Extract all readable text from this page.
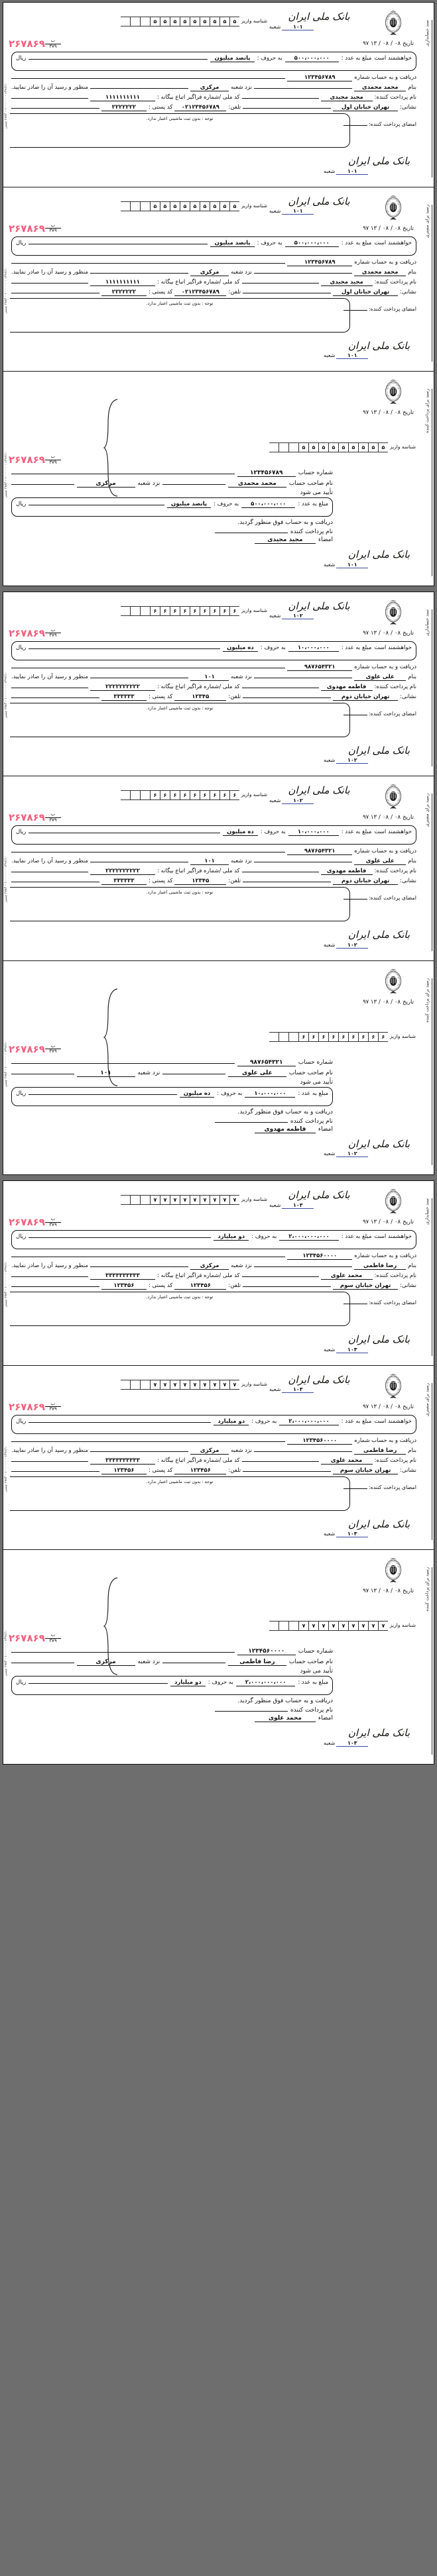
سند حسابداری
۱۳۹۶/۱۰ - ۱۰۰۰۰۰۰ - ۶۷۸۴ چمنی
بانک ملی ایران
۱۰۱
شعبه
شناسه واریز
۵
۵
۵
۵
۵
۵
۵
۵
۵
تاریخ
۰۸
/
۰۸
/
۱۳ ۹۷
$\frac{\text{ب}}{۳۷۹}$
۲۶۷۸۶۹
خواهشمند است
مبلغ به عدد :
۵۰۰،۰۰۰،۰۰۰
به حروف :
پانصد میلیون
ریال
دریافت و به حساب شماره
۱۲۳۴۵۶۷۸۹
بنام
محمد محمدی
نزد شعبه
مرکزی
منظور و رسید آن را صادر نمایید.
نام پرداخت کننده:
مجید مجیدی
کد ملی /شماره فراگیر اتباع بیگانه :
۱۱۱۱۱۱۱۱۱۱
نشانی:
تهران خیابان اول
تلفن:
۰۲۱۲۳۴۵۶۷۸۹
کد پستی :
۲۲۲۲۲۲۲
توجه : بدون ثبت ماشینی اعتبار ندارد.
امضای پرداخت کننده:
بانک ملی ایران
۱۰۱
شعبه
رسید برای مشتری
۱۳۹۶/۱۰ - ۱۰۰۰۰۰۰ - ۶۷۸۴ چمنی
بانک ملی ایران
۱۰۱
شعبه
شناسه واریز
۵
۵
۵
۵
۵
۵
۵
۵
۵
تاریخ
۰۸
/
۰۸
/
۱۳ ۹۷
$\frac{\text{ب}}{۳۷۹}$
۲۶۷۸۶۹
خواهشمند است
مبلغ به عدد :
۵۰۰،۰۰۰،۰۰۰
به حروف :
پانصد میلیون
ریال
دریافت و به حساب شماره
۱۲۳۴۵۶۷۸۹
بنام
محمد محمدی
نزد شعبه
مرکزی
منظور و رسید آن را صادر نمایید.
نام پرداخت کننده:
مجید مجیدی
کد ملی /شماره فراگیر اتباع بیگانه :
۱۱۱۱۱۱۱۱۱۱
نشانی:
تهران خیابان اول
تلفن:
۰۲۱۲۳۴۵۶۷۸۹
کد پستی :
۲۲۲۲۲۲۲
توجه : بدون ثبت ماشینی اعتبار ندارد.
امضای پرداخت کننده:
بانک ملی ایران
۱۰۱
شعبه
رسید برای پرداخت کننده
۱۳۹۶/۱۰ - ۱۰۰۰۰۰۰ - ۶۷۸۴ چمنی
تاریخ
۰۸
/
۰۸
/
۱۳ ۹۷
شناسه واریز
۵
۵
۵
۵
۵
۵
۵
۵
۵
$\frac{\text{ب}}{۳۷۹}$
۲۶۷۸۶۹
شماره حساب
۱۲۳۴۵۶۷۸۹
نام صاحب حساب
محمد محمدی
نزد شعبه
مرکزی
تأیید می شود
مبلغ به عدد :
۵۰۰،۰۰۰،۰۰۰
به حروف :
پانصد میلیون
ریال
دریافت و به حساب فوق منظور گردید.
نام پرداخت کننده
امضاء
مجید مجیدی
بانک ملی ایران
۱۰۱
شعبه
سند حسابداری
۱۳۹۶/۱۰ - ۱۰۰۰۰۰۰ - ۶۷۸۴ چمنی
بانک ملی ایران
۱۰۲
شعبه
شناسه واریز
۶
۶
۶
۶
۶
۶
۶
۶
۶
تاریخ
۰۸
/
۰۸
/
۱۳ ۹۷
$\frac{\text{ب}}{۳۷۹}$
۲۶۷۸۶۹
خواهشمند است
مبلغ به عدد :
۱۰،۰۰۰،۰۰۰
به حروف :
ده میلیون
ریال
دریافت و به حساب شماره
۹۸۷۶۵۴۳۲۱
بنام
علی علوی
نزد شعبه
۱۰۱
منظور و رسید آن را صادر نمایید.
نام پرداخت کننده:
فاطمه مهدوی
کد ملی /شماره فراگیر اتباع بیگانه :
۲۲۲۲۲۲۲۲۲۲
نشانی:
تهران خیابان دوم
تلفن:
۱۲۳۴۵
کد پستی :
۳۳۳۳۳۳
توجه : بدون ثبت ماشینی اعتبار ندارد.
امضای پرداخت کننده:
بانک ملی ایران
۱۰۲
شعبه
رسید برای مشتری
۱۳۹۶/۱۰ - ۱۰۰۰۰۰۰ - ۶۷۸۴ چمنی
بانک ملی ایران
۱۰۲
شعبه
شناسه واریز
۶
۶
۶
۶
۶
۶
۶
۶
۶
تاریخ
۰۸
/
۰۸
/
۱۳ ۹۷
$\frac{\text{ب}}{۳۷۹}$
۲۶۷۸۶۹
خواهشمند است
مبلغ به عدد :
۱۰،۰۰۰،۰۰۰
به حروف :
ده میلیون
ریال
دریافت و به حساب شماره
۹۸۷۶۵۴۳۲۱
بنام
علی علوی
نزد شعبه
۱۰۱
منظور و رسید آن را صادر نمایید.
نام پرداخت کننده:
فاطمه مهدوی
کد ملی /شماره فراگیر اتباع بیگانه :
۲۲۲۲۲۲۲۲۲۲
نشانی:
تهران خیابان دوم
تلفن:
۱۲۳۴۵
کد پستی :
۳۳۳۳۳۳
توجه : بدون ثبت ماشینی اعتبار ندارد.
امضای پرداخت کننده:
بانک ملی ایران
۱۰۲
شعبه
رسید برای پرداخت کننده
۱۳۹۶/۱۰ - ۱۰۰۰۰۰۰ - ۶۷۸۴ چمنی
تاریخ
۰۸
/
۰۸
/
۱۳ ۹۷
شناسه واریز
۶
۶
۶
۶
۶
۶
۶
۶
۶
$\frac{\text{ب}}{۳۷۹}$
۲۶۷۸۶۹
شماره حساب
۹۸۷۶۵۴۳۲۱
نام صاحب حساب
علی علوی
نزد شعبه
۱۰۱
تأیید می شود
مبلغ به عدد :
۱۰،۰۰۰،۰۰۰
به حروف :
ده میلیون
ریال
دریافت و به حساب فوق منظور گردید.
نام پرداخت کننده
امضاء
فاطمه مهدوی
بانک ملی ایران
۱۰۲
شعبه
سند حسابداری
۱۳۹۶/۱۰ - ۱۰۰۰۰۰۰ - ۶۷۸۴ چمنی
بانک ملی ایران
۱۰۳
شعبه
شناسه واریز
۷
۷
۷
۷
۷
۷
۷
۷
۷
تاریخ
۰۸
/
۰۸
/
۱۳ ۹۷
$\frac{\text{ب}}{۳۷۹}$
۲۶۷۸۶۹
خواهشمند است
مبلغ به عدد :
۲،۰۰۰،۰۰۰،۰۰۰
به حروف :
دو میلیارد
ریال
دریافت و به حساب شماره
۱۲۳۴۵۶۰۰۰۰
بنام
رضا فاطمی
نزد شعبه
مرکزی
منظور و رسید آن را صادر نمایید.
نام پرداخت کننده:
محمد علوی
کد ملی /شماره فراگیر اتباع بیگانه :
۳۳۳۳۳۳۳۳۳۳
نشانی:
تهران خیابان سوم
تلفن:
۱۲۳۴۵۶
کد پستی :
۱۲۳۴۵۶
توجه : بدون ثبت ماشینی اعتبار ندارد.
امضای پرداخت کننده:
بانک ملی ایران
۱۰۳
شعبه
رسید برای مشتری
۱۳۹۶/۱۰ - ۱۰۰۰۰۰۰ - ۶۷۸۴ چمنی
بانک ملی ایران
۱۰۳
شعبه
شناسه واریز
۷
۷
۷
۷
۷
۷
۷
۷
۷
تاریخ
۰۸
/
۰۸
/
۱۳ ۹۷
$\frac{\text{ب}}{۳۷۹}$
۲۶۷۸۶۹
خواهشمند است
مبلغ به عدد :
۲،۰۰۰،۰۰۰،۰۰۰
به حروف :
دو میلیارد
ریال
دریافت و به حساب شماره
۱۲۳۴۵۶۰۰۰۰
بنام
رضا فاطمی
نزد شعبه
مرکزی
منظور و رسید آن را صادر نمایید.
نام پرداخت کننده:
محمد علوی
کد ملی /شماره فراگیر اتباع بیگانه :
۳۳۳۳۳۳۳۳۳۳
نشانی:
تهران خیابان سوم
تلفن:
۱۲۳۴۵۶
کد پستی :
۱۲۳۴۵۶
توجه : بدون ثبت ماشینی اعتبار ندارد.
امضای پرداخت کننده:
بانک ملی ایران
۱۰۳
شعبه
رسید برای پرداخت کننده
۱۳۹۶/۱۰ - ۱۰۰۰۰۰۰ - ۶۷۸۴ چمنی
تاریخ
۰۸
/
۰۸
/
۱۳ ۹۷
شناسه واریز
۷
۷
۷
۷
۷
۷
۷
۷
۷
$\frac{\text{ب}}{۳۷۹}$
۲۶۷۸۶۹
شماره حساب
۱۲۳۴۵۶۰۰۰۰
نام صاحب حساب
رضا فاطمی
نزد شعبه
مرکزی
تأیید می شود
مبلغ به عدد :
۲،۰۰۰،۰۰۰،۰۰۰
به حروف :
دو میلیارد
ریال
دریافت و به حساب فوق منظور گردید.
نام پرداخت کننده
امضاء
محمد علوی
بانک ملی ایران
۱۰۳
شعبه
